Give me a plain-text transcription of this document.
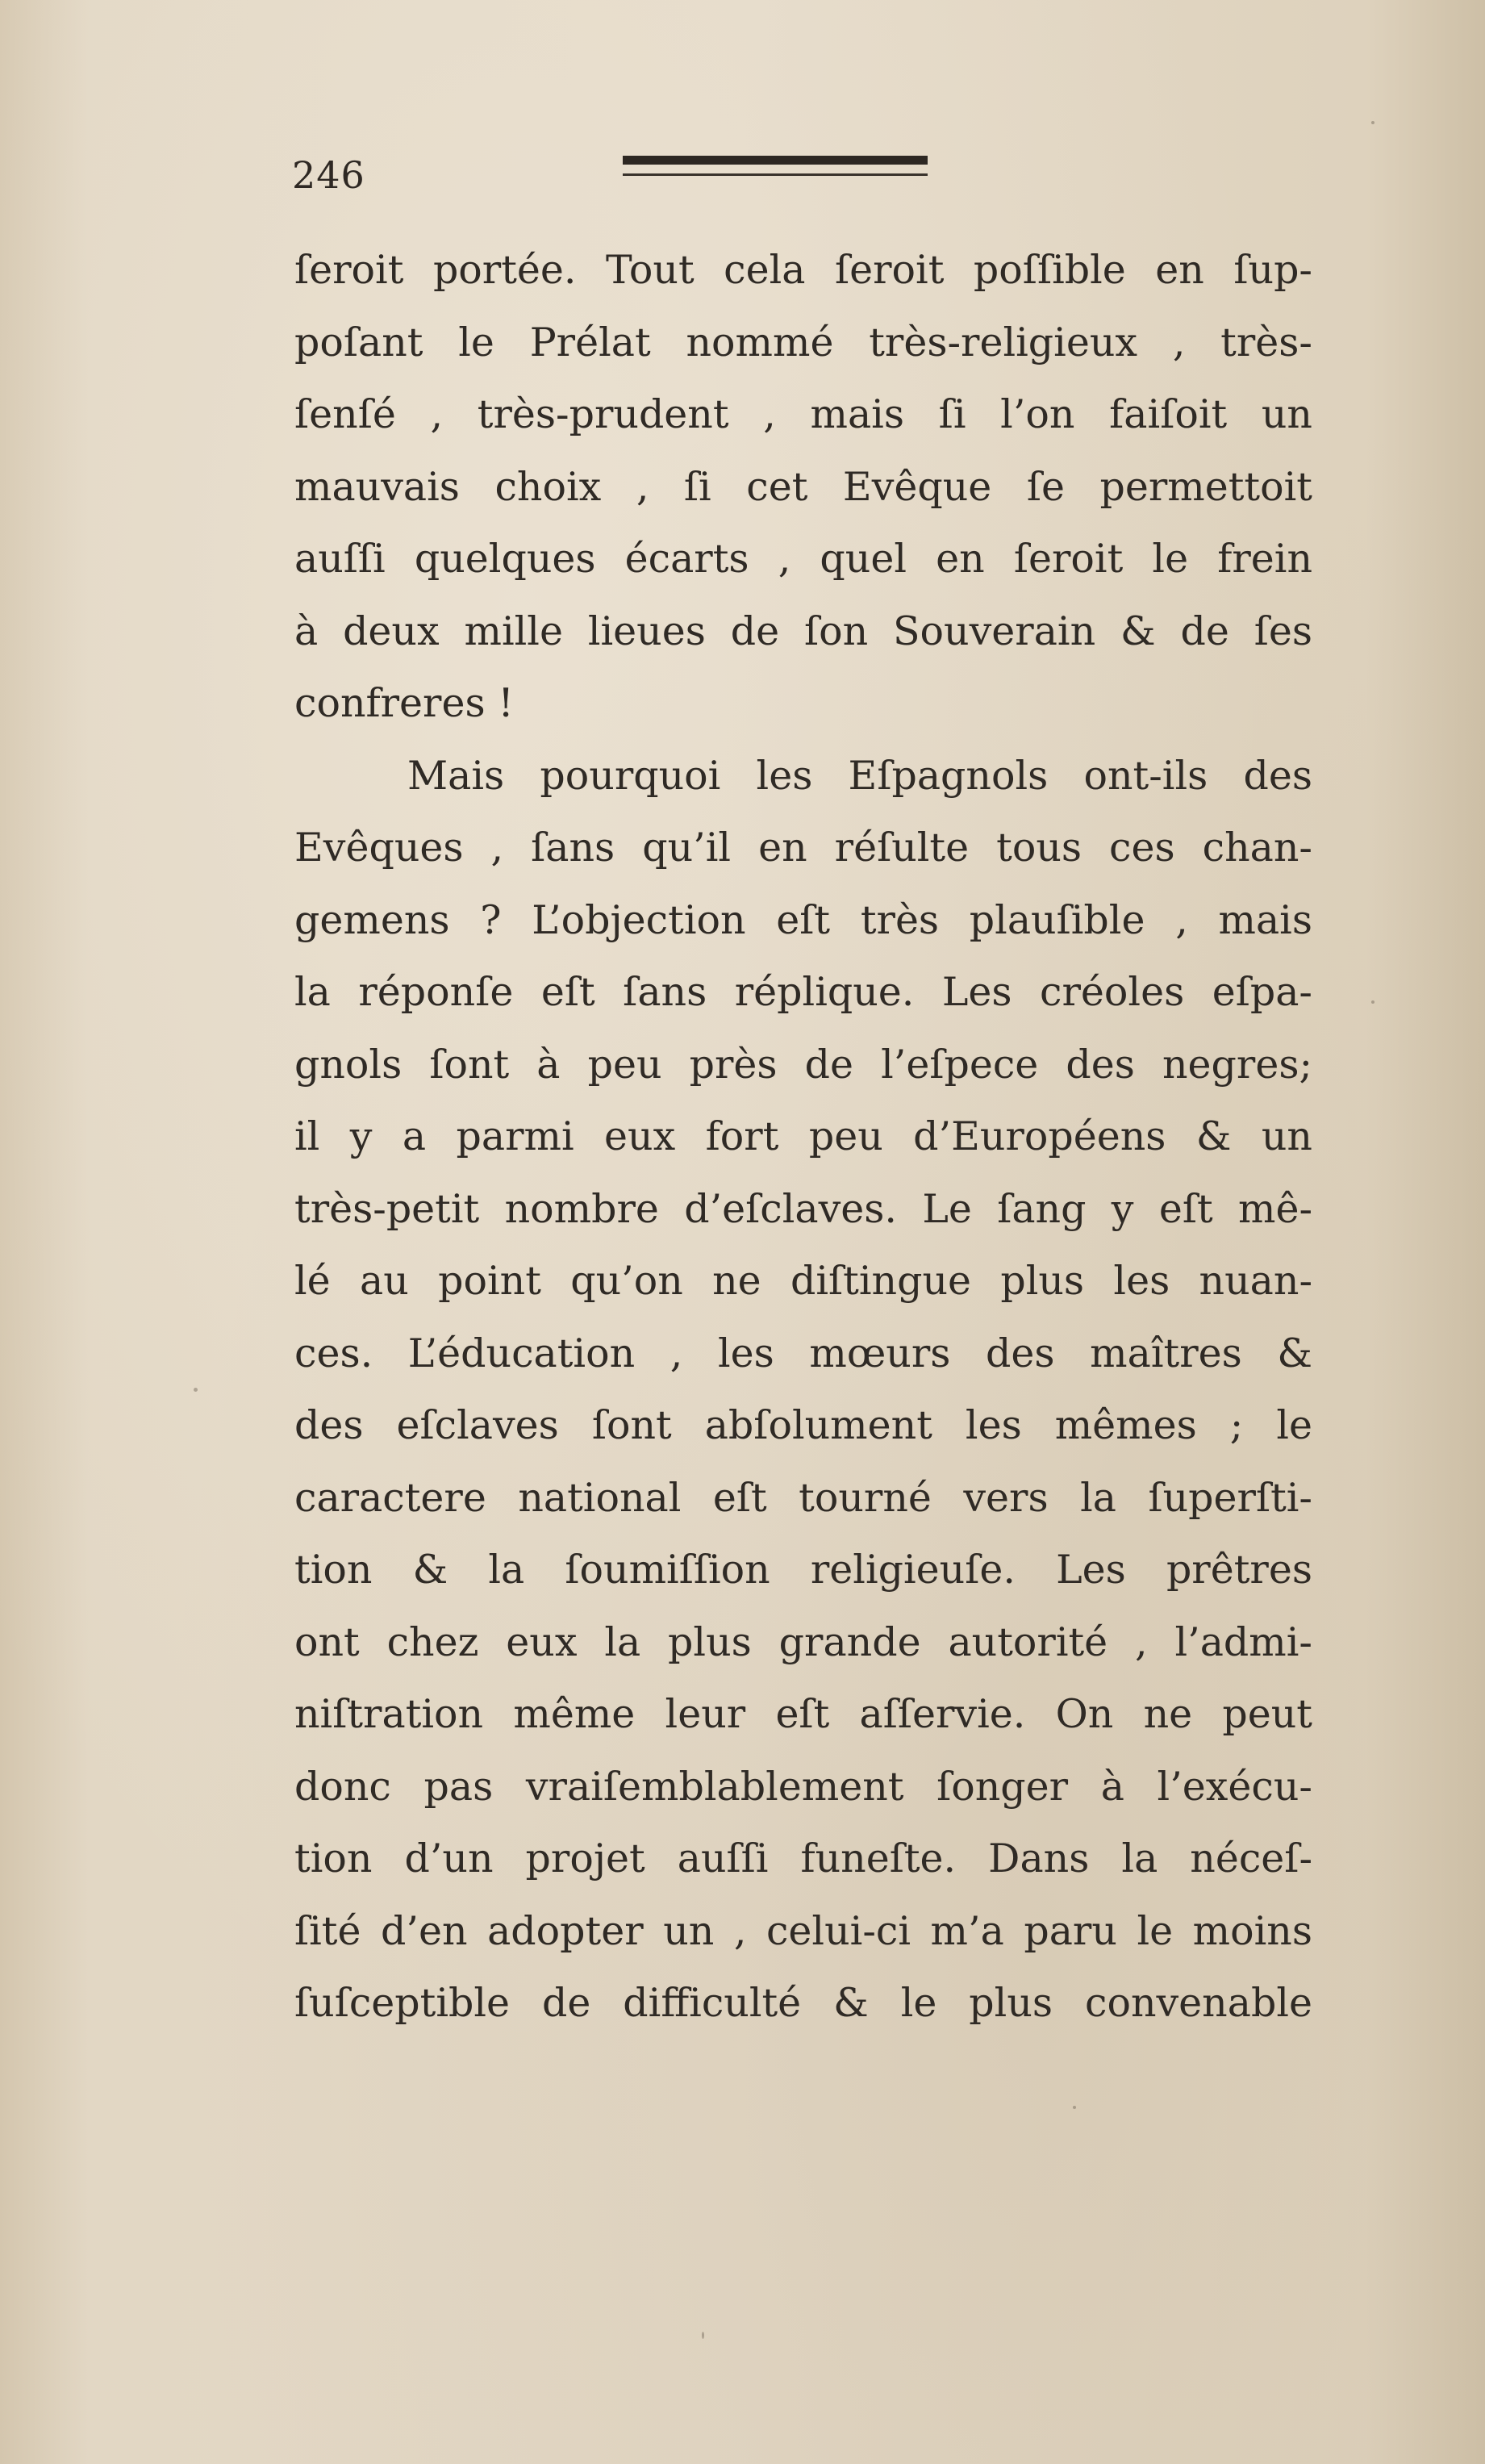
246
ſeroit portée. Tout cela ſeroit poſſible en ſup-
poſant le Prélat nommé très-religieux , très-
ſenſé , très-prudent , mais ſi l’on faiſoit un
mauvais choix , ſi cet Evêque ſe permettoit
auſſi quelques écarts , quel en ſeroit le frein
à deux mille lieues de ſon Souverain & de ſes
confreres !
Mais pourquoi les Eſpagnols ont-ils des
Evêques , ſans qu’il en réſulte tous ces chan-
gemens ? L’objection eſt très plauſible , mais
la réponſe eſt ſans réplique. Les créoles eſpa-
gnols ſont à peu près de l’eſpece des negres;
il y a parmi eux fort peu d’Européens & un
très-petit nombre d’eſclaves. Le ſang y eſt mê-
lé au point qu’on ne diſtingue plus les nuan-
ces. L’éducation , les mœurs des maîtres &
des eſclaves ſont abſolument les mêmes ; le
caractere national eſt tourné vers la ſuperſti-
tion & la ſoumiſſion religieuſe. Les prêtres
ont chez eux la plus grande autorité , l’admi-
niſtration même leur eſt aſſervie. On ne peut
donc pas vraiſemblablement ſonger à l’exécu-
tion d’un projet auſſi funeſte. Dans la néceſ-
ſité d’en adopter un , celui-ci m’a paru le moins
ſuſceptible de difficulté & le plus convenable
